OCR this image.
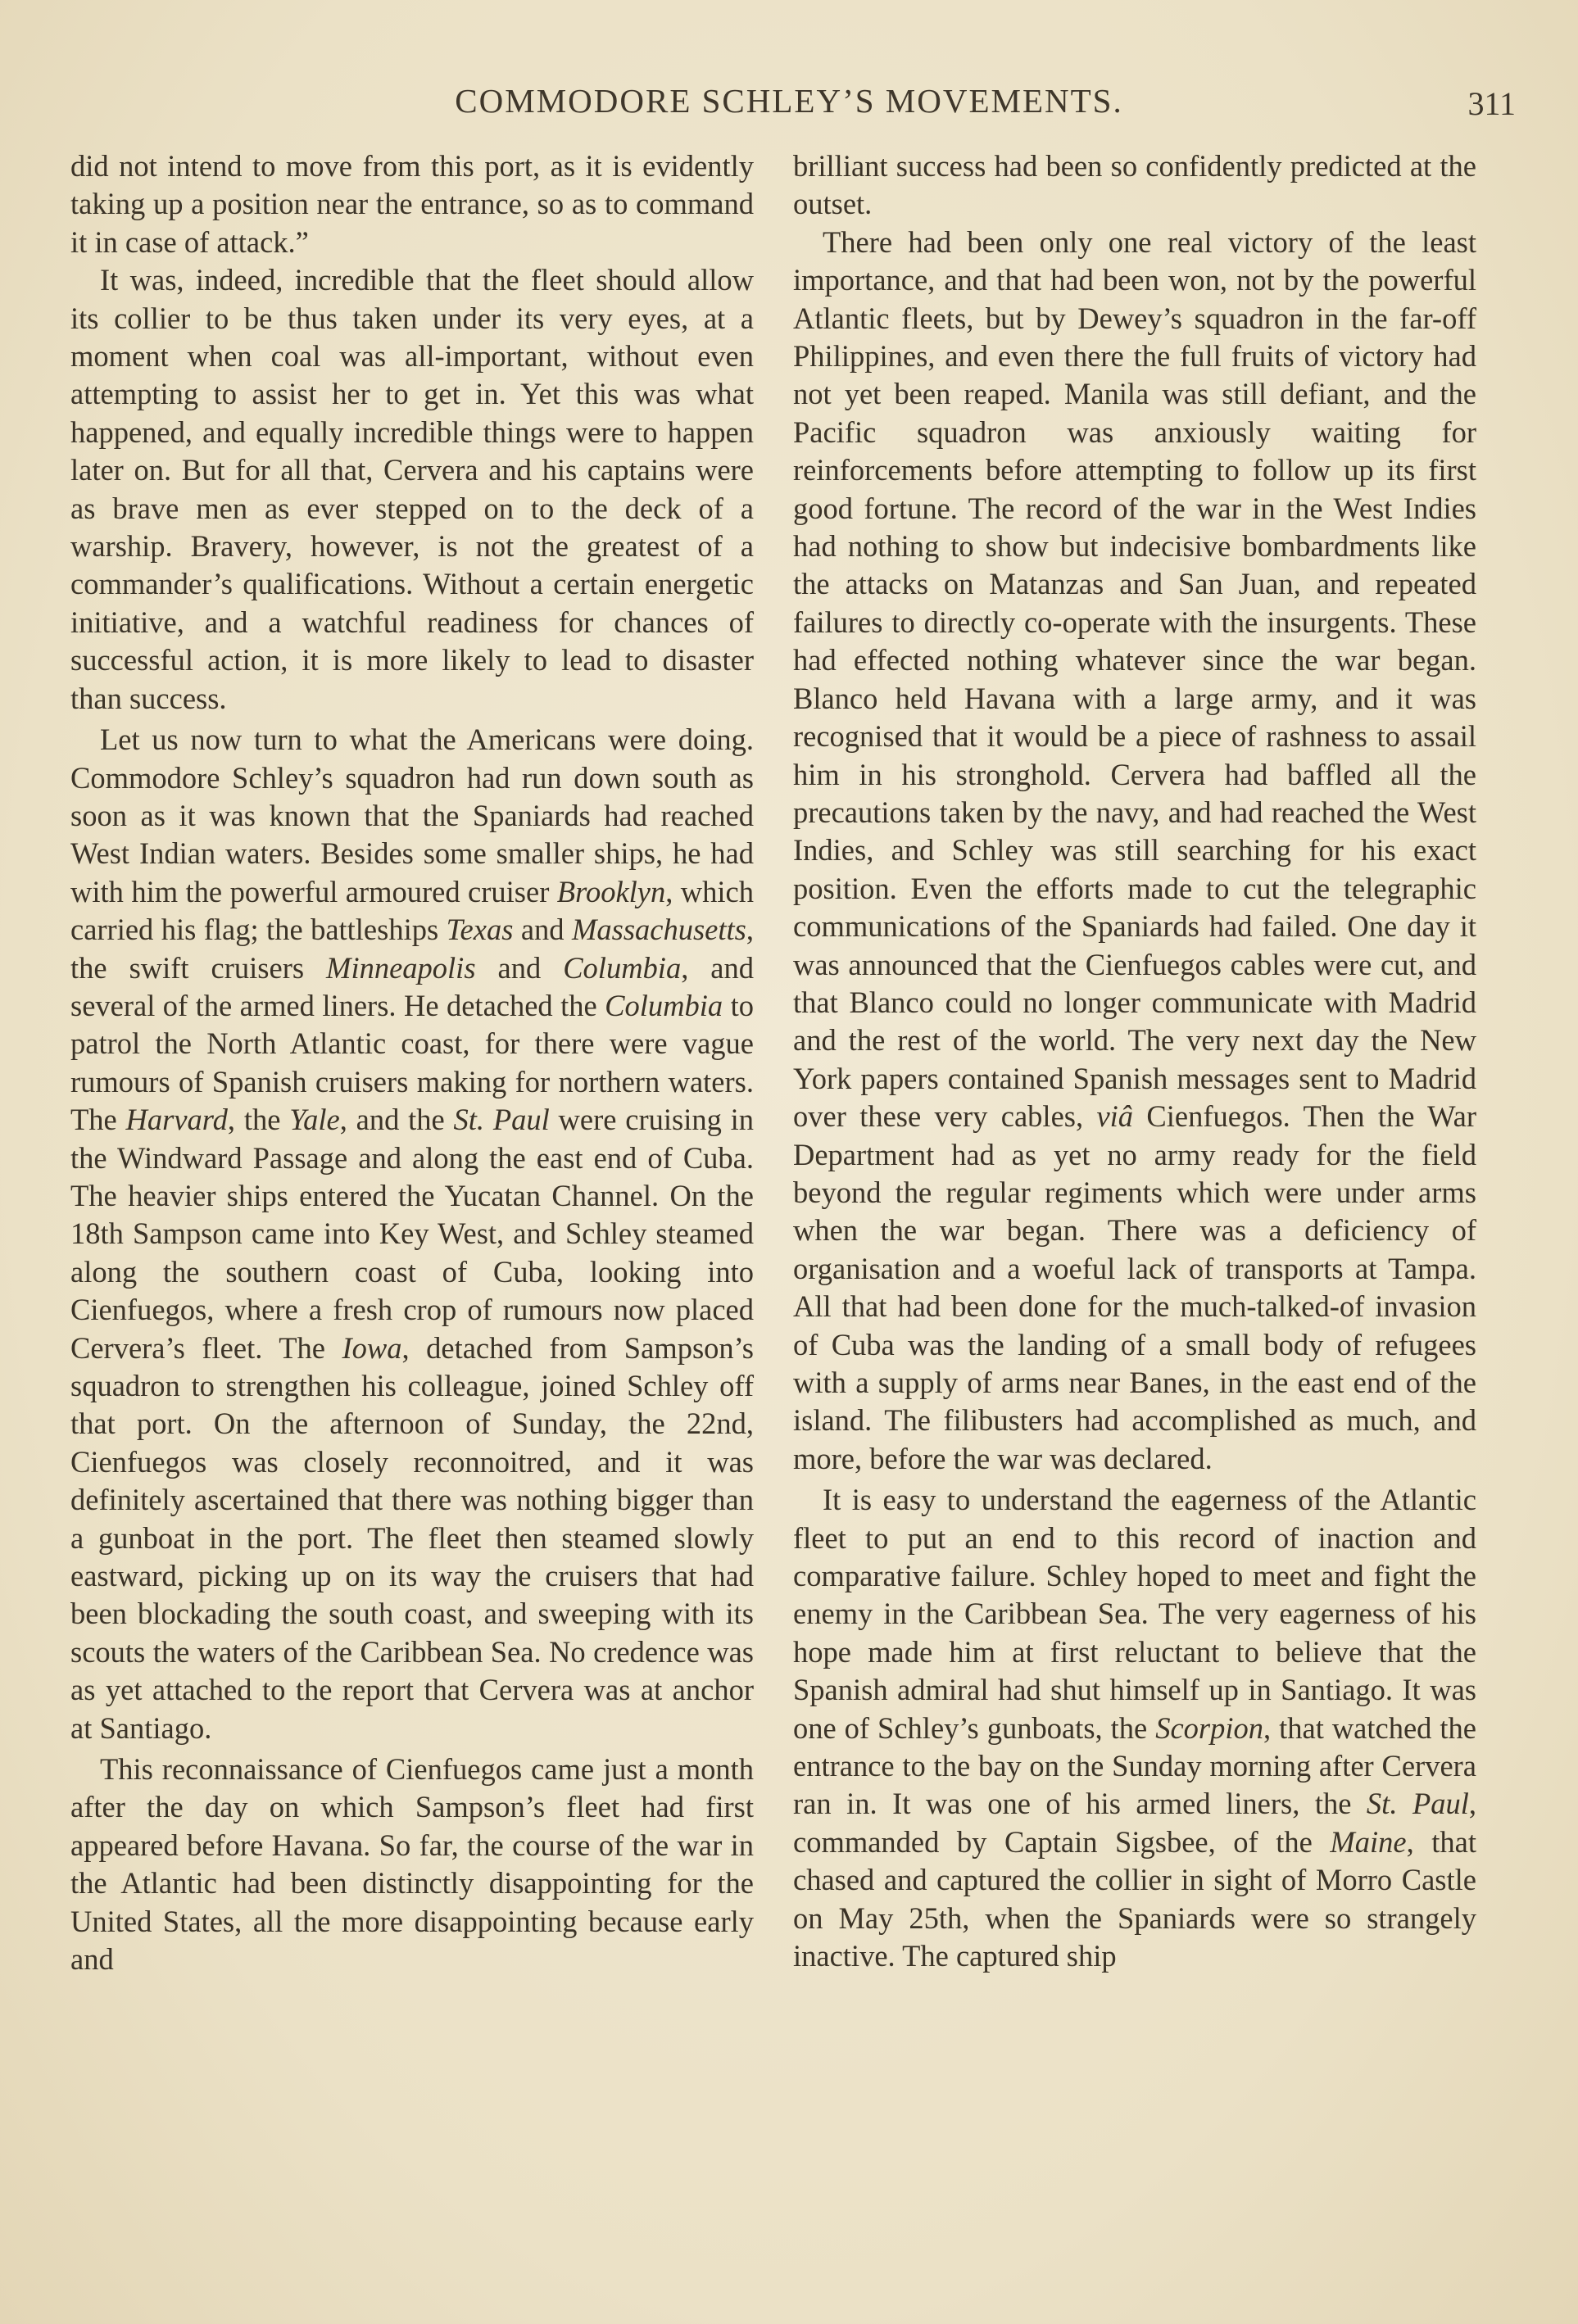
COMMODORE SCHLEY’S MOVEMENTS.	311

did not intend to move from this port, as it is evidently taking up a position near the entrance, so as to command it in case of attack.”

It was, indeed, incredible that the fleet should allow its collier to be thus taken under its very eyes, at a moment when coal was all-important, without even attempting to assist her to get in. Yet this was what happened, and equally incredible things were to happen later on. But for all that, Cervera and his captains were as brave men as ever stepped on to the deck of a warship. Bravery, however, is not the greatest of a commander’s qualifications. Without a certain energetic initiative, and a watchful readiness for chances of successful action, it is more likely to lead to disaster than success.

Let us now turn to what the Americans were doing. Commodore Schley’s squadron had run down south as soon as it was known that the Spaniards had reached West Indian waters. Besides some smaller ships, he had with him the powerful armoured cruiser Brooklyn, which carried his flag; the battleships Texas and Massachusetts, the swift cruisers Minneapolis and Columbia, and several of the armed liners. He detached the Columbia to patrol the North Atlantic coast, for there were vague rumours of Spanish cruisers making for northern waters. The Harvard, the Yale, and the St. Paul were cruising in the Windward Passage and along the east end of Cuba. The heavier ships entered the Yucatan Channel. On the 18th Sampson came into Key West, and Schley steamed along the southern coast of Cuba, looking into Cienfuegos, where a fresh crop of rumours now placed Cervera’s fleet. The Iowa, detached from Sampson’s squadron to strengthen his colleague, joined Schley off that port. On the afternoon of Sunday, the 22nd, Cienfuegos was closely reconnoitred, and it was definitely ascertained that there was nothing bigger than a gunboat in the port. The fleet then steamed slowly eastward, picking up on its way the cruisers that had been blockading the south coast, and sweeping with its scouts the waters of the Caribbean Sea. No credence was as yet attached to the report that Cervera was at anchor at Santiago.

This reconnaissance of Cienfuegos came just a month after the day on which Sampson’s fleet had first appeared before Havana. So far, the course of the war in the Atlantic had been distinctly disappointing for the United States, all the more disappointing because early and

brilliant success had been so confidently predicted at the outset.

There had been only one real victory of the least importance, and that had been won, not by the powerful Atlantic fleets, but by Dewey’s squadron in the far-off Philippines, and even there the full fruits of victory had not yet been reaped. Manila was still defiant, and the Pacific squadron was anxiously waiting for reinforcements before attempting to follow up its first good fortune. The record of the war in the West Indies had nothing to show but indecisive bombardments like the attacks on Matanzas and San Juan, and repeated failures to directly co-operate with the insurgents. These had effected nothing whatever since the war began. Blanco held Havana with a large army, and it was recognised that it would be a piece of rashness to assail him in his stronghold. Cervera had baffled all the precautions taken by the navy, and had reached the West Indies, and Schley was still searching for his exact position. Even the efforts made to cut the telegraphic communications of the Spaniards had failed. One day it was announced that the Cienfuegos cables were cut, and that Blanco could no longer communicate with Madrid and the rest of the world. The very next day the New York papers contained Spanish messages sent to Madrid over these very cables, viâ Cienfuegos. Then the War Department had as yet no army ready for the field beyond the regular regiments which were under arms when the war began. There was a deficiency of organisation and a woeful lack of transports at Tampa. All that had been done for the much-talked-of invasion of Cuba was the landing of a small body of refugees with a supply of arms near Banes, in the east end of the island. The filibusters had accomplished as much, and more, before the war was declared.

It is easy to understand the eagerness of the Atlantic fleet to put an end to this record of inaction and comparative failure. Schley hoped to meet and fight the enemy in the Caribbean Sea. The very eagerness of his hope made him at first reluctant to believe that the Spanish admiral had shut himself up in Santiago. It was one of Schley’s gunboats, the Scorpion, that watched the entrance to the bay on the Sunday morning after Cervera ran in. It was one of his armed liners, the St. Paul, commanded by Captain Sigsbee, of the Maine, that chased and captured the collier in sight of Morro Castle on May 25th, when the Spaniards were so strangely inactive. The captured ship
